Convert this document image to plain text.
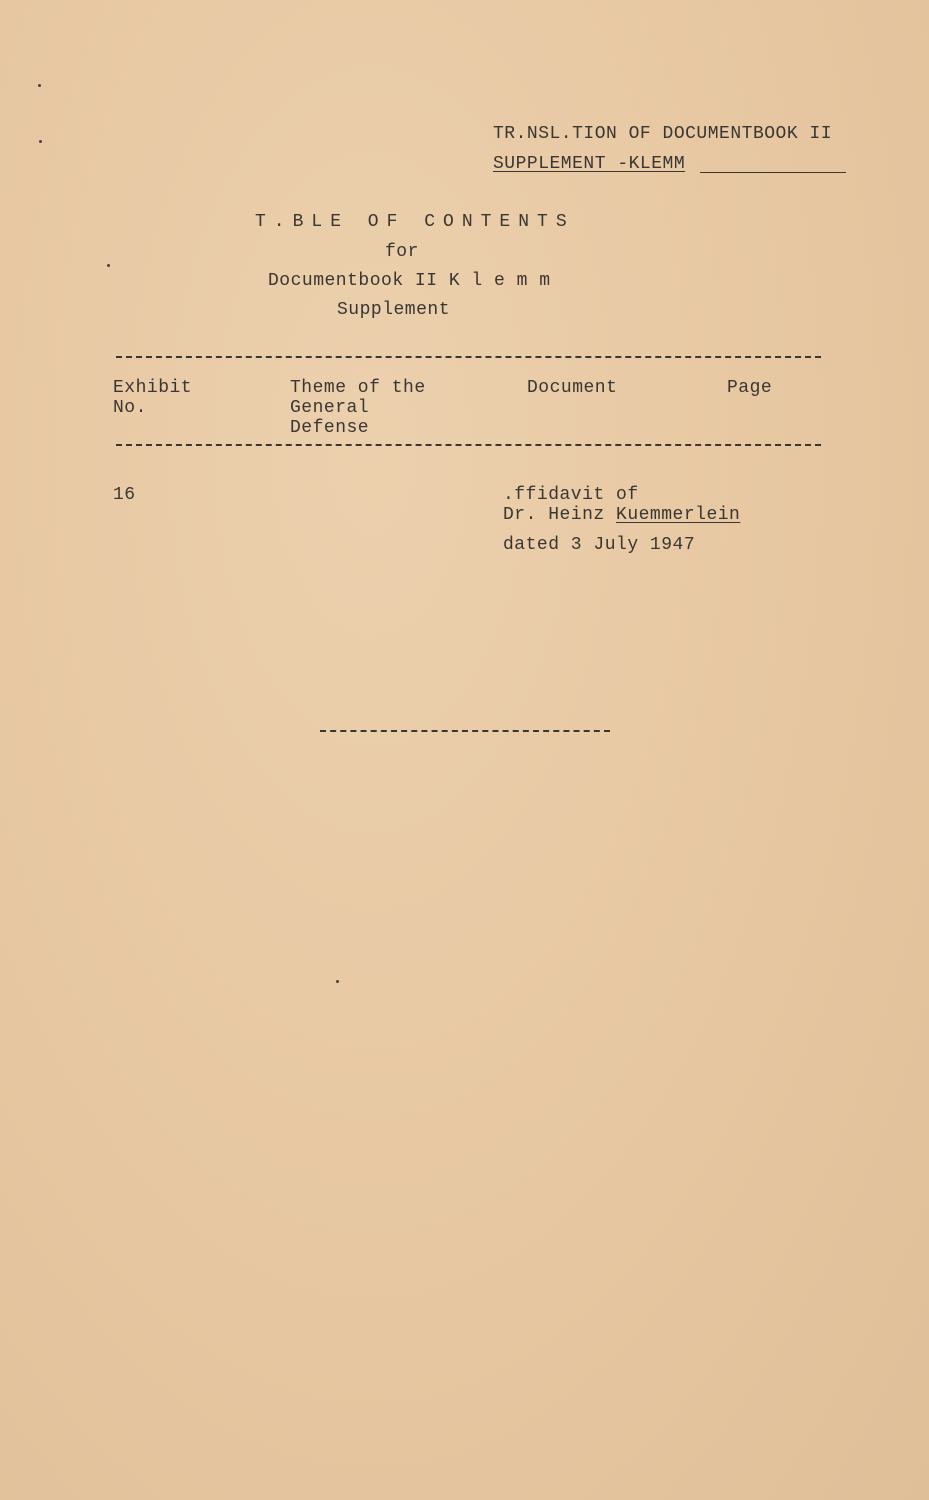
TR.NSL.TION OF DOCUMENTBOOK II
SUPPLEMENT -KLEMM
T.BLE OF CONTENTS
for
Documentbook II K l e m m
Supplement
Exhibit
No.
Theme of the
General
Defense
Document	Page
16	.ffidavit of
Dr. Heinz Kuemmerlein
dated 3 July 1947
